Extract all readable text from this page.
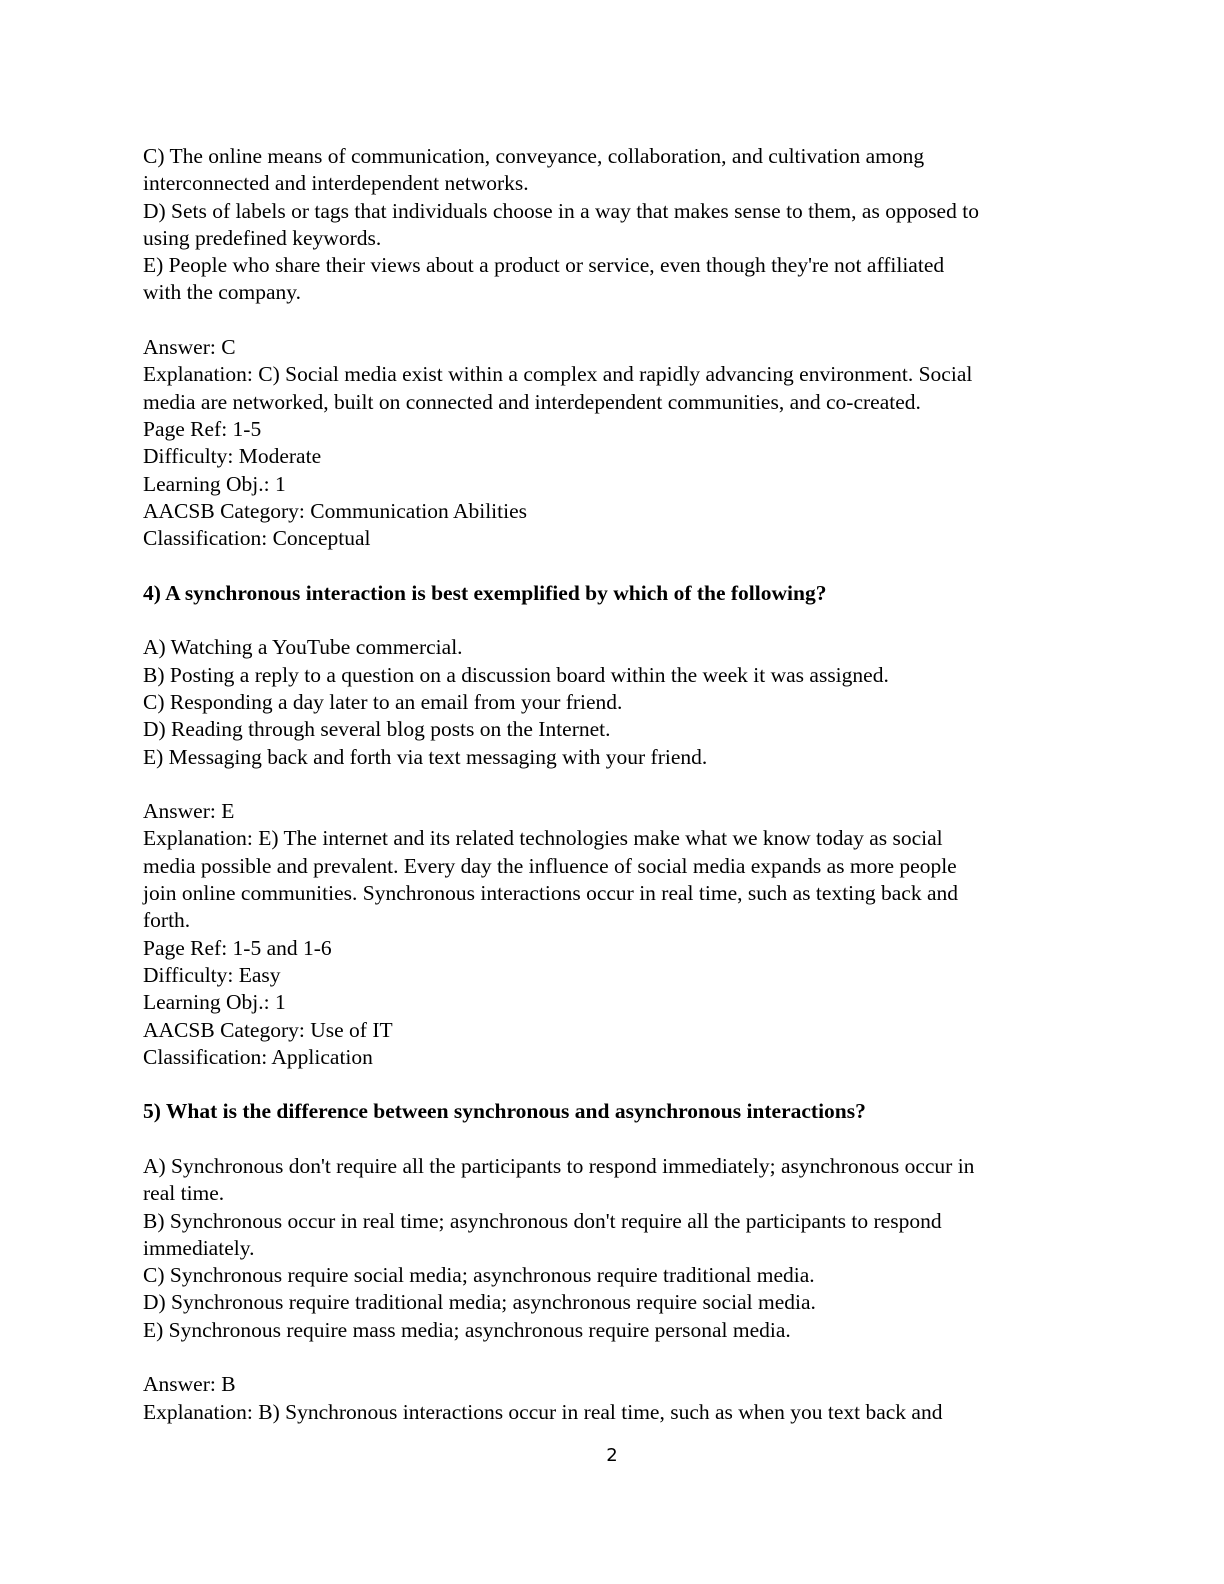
C) The online means of communication, conveyance, collaboration, and cultivation among
interconnected and interdependent networks.
D) Sets of labels or tags that individuals choose in a way that makes sense to them, as opposed to
using predefined keywords.
E) People who share their views about a product or service, even though they're not affiliated
with the company.
Answer: C
Explanation: C) Social media exist within a complex and rapidly advancing environment. Social
media are networked, built on connected and interdependent communities, and co-created.
Page Ref: 1-5
Difficulty: Moderate
Learning Obj.: 1
AACSB Category: Communication Abilities
Classification: Conceptual
4) A synchronous interaction is best exemplified by which of the following?
A) Watching a YouTube commercial.
B) Posting a reply to a question on a discussion board within the week it was assigned.
C) Responding a day later to an email from your friend.
D) Reading through several blog posts on the Internet.
E) Messaging back and forth via text messaging with your friend.
Answer: E
Explanation: E) The internet and its related technologies make what we know today as social
media possible and prevalent. Every day the influence of social media expands as more people
join online communities. Synchronous interactions occur in real time, such as texting back and
forth.
Page Ref: 1-5 and 1-6
Difficulty: Easy
Learning Obj.: 1
AACSB Category: Use of IT
Classification: Application
5) What is the difference between synchronous and asynchronous interactions?
A) Synchronous don't require all the participants to respond immediately; asynchronous occur in
real time.
B) Synchronous occur in real time; asynchronous don't require all the participants to respond
immediately.
C) Synchronous require social media; asynchronous require traditional media.
D) Synchronous require traditional media; asynchronous require social media.
E) Synchronous require mass media; asynchronous require personal media.
Answer: B
Explanation: B) Synchronous interactions occur in real time, such as when you text back and
2
